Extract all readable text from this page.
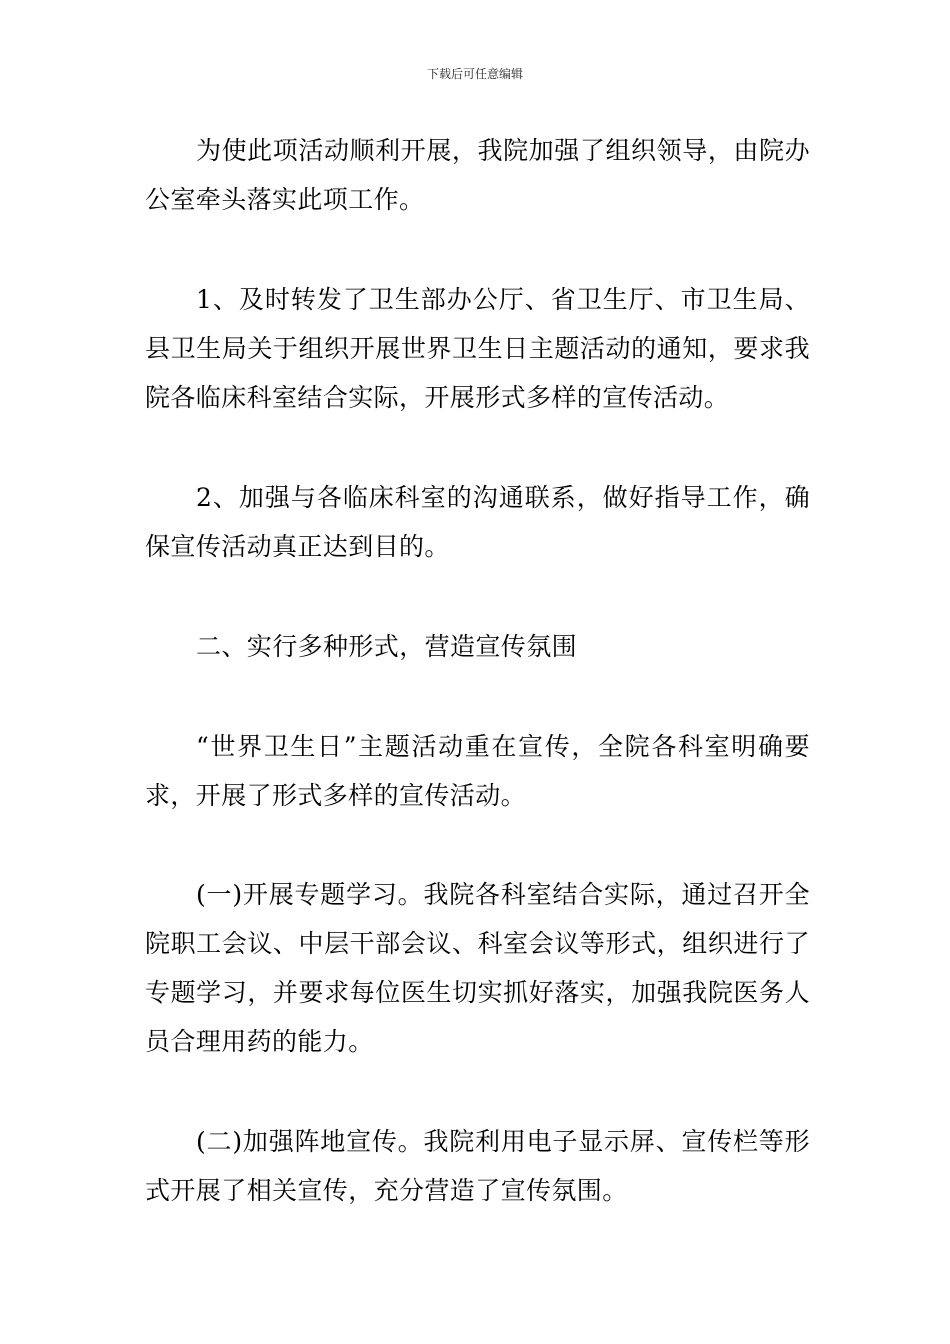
下载后可任意编辑

为使此项活动顺利开展，我院加强了组织领导，由院办公室牵头落实此项工作。

1、及时转发了卫生部办公厅、省卫生厅、市卫生局、县卫生局关于组织开展世界卫生日主题活动的通知，要求我院各临床科室结合实际，开展形式多样的宣传活动。

2、加强与各临床科室的沟通联系，做好指导工作，确保宣传活动真正达到目的。

二、实行多种形式，营造宣传氛围

“世界卫生日”主题活动重在宣传，全院各科室明确要求，开展了形式多样的宣传活动。

(一)开展专题学习。我院各科室结合实际，通过召开全院职工会议、中层干部会议、科室会议等形式，组织进行了专题学习，并要求每位医生切实抓好落实，加强我院医务人员合理用药的能力。

(二)加强阵地宣传。我院利用电子显示屏、宣传栏等形式开展了相关宣传，充分营造了宣传氛围。
